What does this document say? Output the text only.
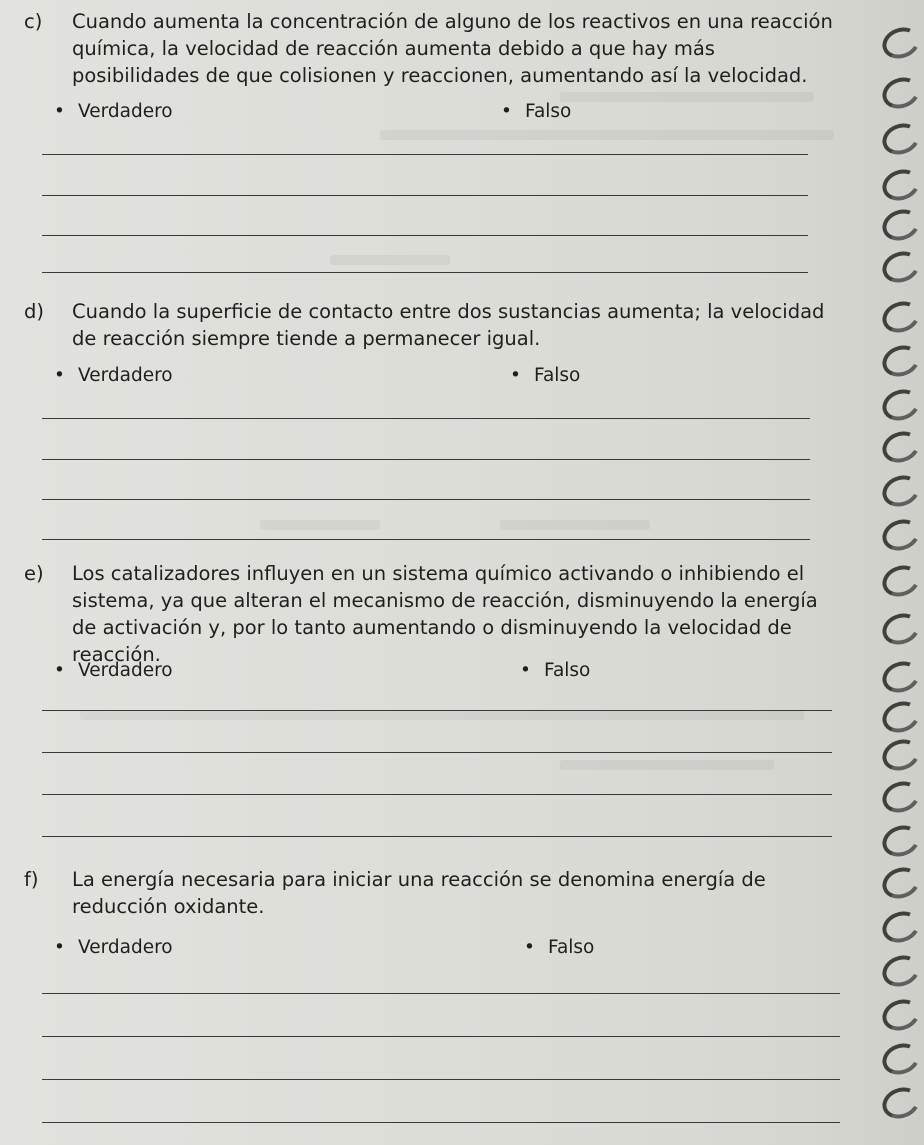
c) Cuando aumenta la concentración de alguno de los reactivos en una reacción química, la velocidad de reacción aumenta debido a que hay más posibilidades de que colisionen y reaccionen, aumentando así la velocidad.

• Verdadero	• Falso

d) Cuando la superficie de contacto entre dos sustancias aumenta; la velocidad de reacción siempre tiende a permanecer igual.

• Verdadero	• Falso

e) Los catalizadores influyen en un sistema químico activando o inhibiendo el sistema, ya que alteran el mecanismo de reacción, disminuyendo la energía de activación y, por lo tanto aumentando o disminuyendo la velocidad de reacción.

• Verdadero	• Falso

f) La energía necesaria para iniciar una reacción se denomina energía de reducción oxidante.

• Verdadero	• Falso
